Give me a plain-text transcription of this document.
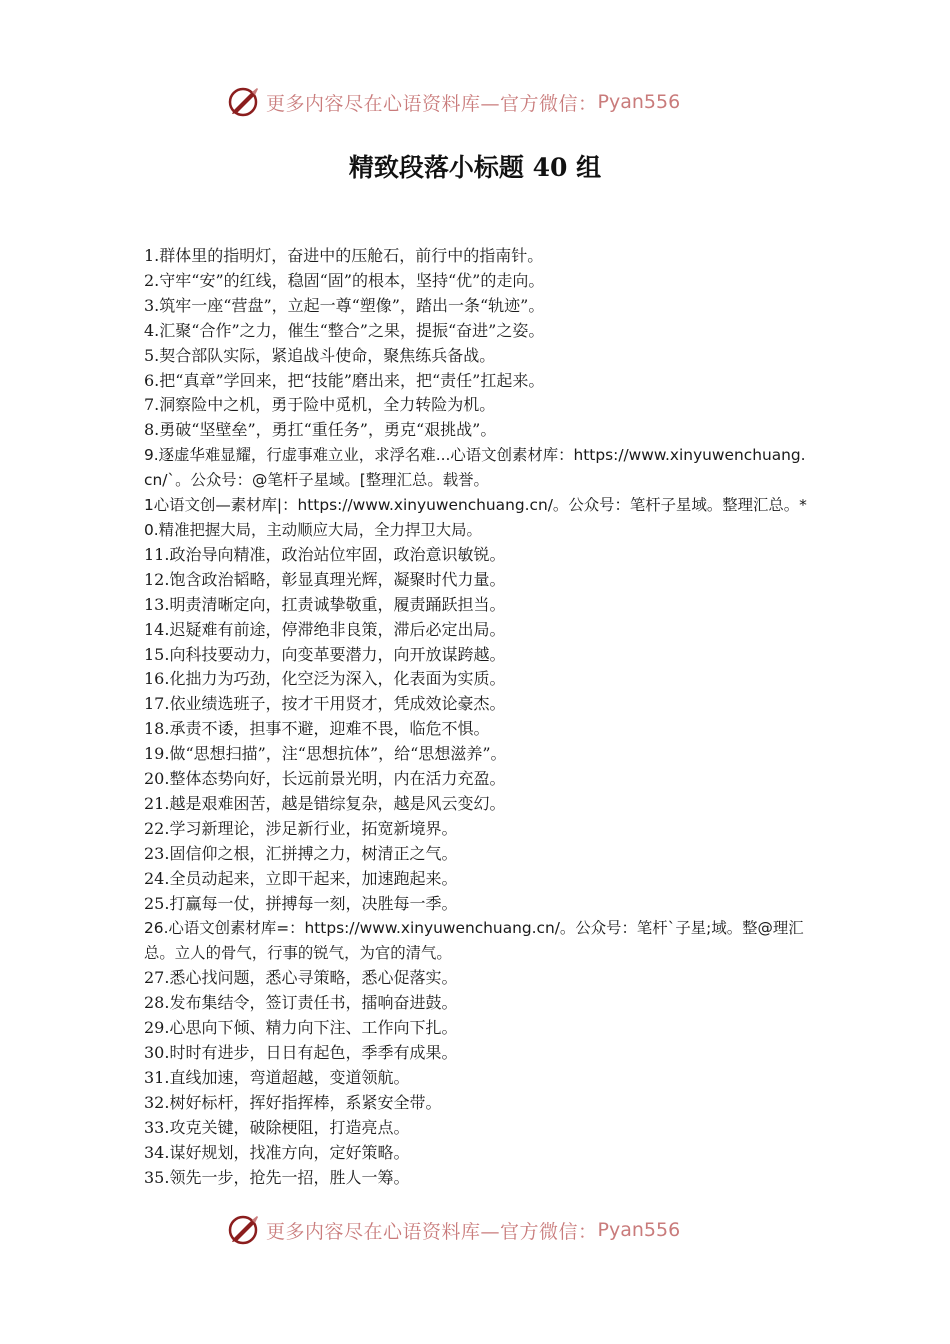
更多内容尽在心语资料库—官方微信： Pyan556
精致段落小标题 40 组
1.群体里的指明灯，奋进中的压舱石，前行中的指南针。
2.守牢“安”的红线，稳固“固”的根本，坚持“优”的走向。
3.筑牢一座“营盘”，立起一尊“塑像”，踏出一条“轨迹”。
4.汇聚“合作”之力，催生“整合”之果，提振“奋进”之姿。
5.契合部队实际，紧追战斗使命，聚焦练兵备战。
6.把“真章”学回来，把“技能”磨出来，把“责任”扛起来。
7.洞察险中之机，勇于险中觅机，全力转险为机。
8.勇破“坚壁垒”，勇扛“重任务”，勇克“艰挑战”。
9.逐虚华难显耀，行虚事难立业，求浮名难...心语文创素材库：https://www.xinyuwenchuang.cn/`。公众号：@笔杆子星域。[整理汇总。载誉。
1心语文创—素材库|：https://www.xinyuwenchuang.cn/。公众号：笔杆子星域。整理汇总。*0.精准把握大局，主动顺应大局，全力捍卫大局。
11.政治导向精准，政治站位牢固，政治意识敏锐。
12.饱含政治韬略，彰显真理光辉，凝聚时代力量。
13.明责清晰定向，扛责诚挚敬重，履责踊跃担当。
14.迟疑难有前途，停滞绝非良策，滞后必定出局。
15.向科技要动力，向变革要潜力，向开放谋跨越。
16.化拙力为巧劲，化空泛为深入，化表面为实质。
17.依业绩选班子，按才干用贤才，凭成效论豪杰。
18.承责不诿，担事不避，迎难不畏，临危不惧。
19.做“思想扫描”，注“思想抗体”，给“思想滋养”。
20.整体态势向好，长远前景光明，内在活力充盈。
21.越是艰难困苦，越是错综复杂，越是风云变幻。
22.学习新理论，涉足新行业，拓宽新境界。
23.固信仰之根，汇拼搏之力，树清正之气。
24.全员动起来，立即干起来，加速跑起来。
25.打赢每一仗，拼搏每一刻，决胜每一季。
26.心语文创素材库=：https://www.xinyuwenchuang.cn/。公众号：笔杆`子星;域。整@理汇总。立人的骨气，行事的锐气，为官的清气。
27.悉心找问题，悉心寻策略，悉心促落实。
28.发布集结令，签订责任书，擂响奋进鼓。
29.心思向下倾、精力向下注、工作向下扎。
30.时时有进步，日日有起色，季季有成果。
31.直线加速，弯道超越，变道领航。
32.树好标杆，挥好指挥棒，系紧安全带。
33.攻克关键，破除梗阻，打造亮点。
34.谋好规划，找准方向，定好策略。
35.领先一步，抢先一招，胜人一筹。
更多内容尽在心语资料库—官方微信： Pyan556
